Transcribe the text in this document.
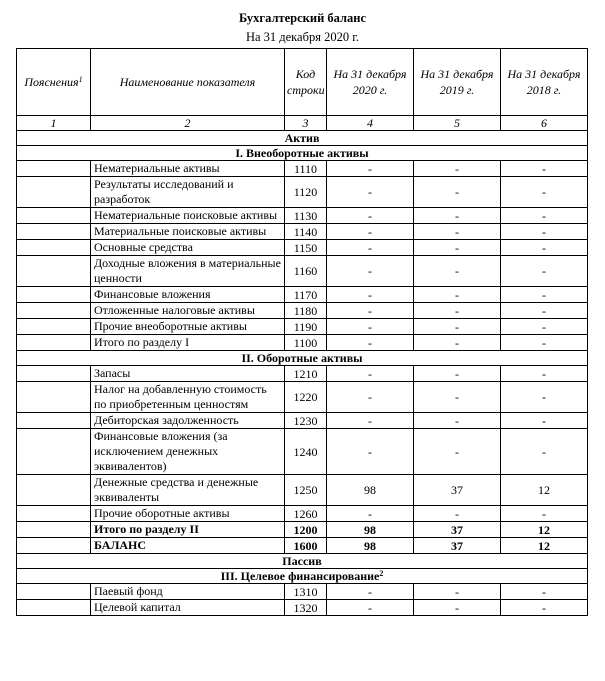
Бухгалтерский баланс
На 31 декабря 2020 г.
Пояснения$^1$	Наименование показателя	Код строки	На 31 декабря 2020 г.	На 31 декабря 2019 г.	На 31 декабря 2018 г.
1	2	3	4	5	6
Актив					
I. Внеоборотные активы					
	Нематериальные активы	1110	-	-	-
	Результаты исследований и разработок	1120	-	-	-
	Нематериальные поисковые активы	1130	-	-	-
	Материальные поисковые активы	1140	-	-	-
	Основные средства	1150	-	-	-
	Доходные вложения в материальные ценности	1160	-	-	-
	Финансовые вложения	1170	-	-	-
	Отложенные налоговые активы	1180	-	-	-
	Прочие внеоборотные активы	1190	-	-	-
	Итого по разделу I	1100	-	-	-
II. Оборотные активы					
	Запасы	1210	-	-	-
	Налог на добавленную стоимость по приобретенным ценностям	1220	-	-	-
	Дебиторская задолженность	1230	-	-	-
	Финансовые вложения (за исключением денежных эквивалентов)	1240	-	-	-
	Денежные средства и денежные эквиваленты	1250	98	37	12
	Прочие оборотные активы	1260	-	-	-
	Итого по разделу II	1200	98	37	12
	БАЛАНС	1600	98	37	12
Пассив					
III. Целевое финансирование$^2$
	Паевый фонд	1310	-	-	-
	Целевой капитал	1320	-	-	-
